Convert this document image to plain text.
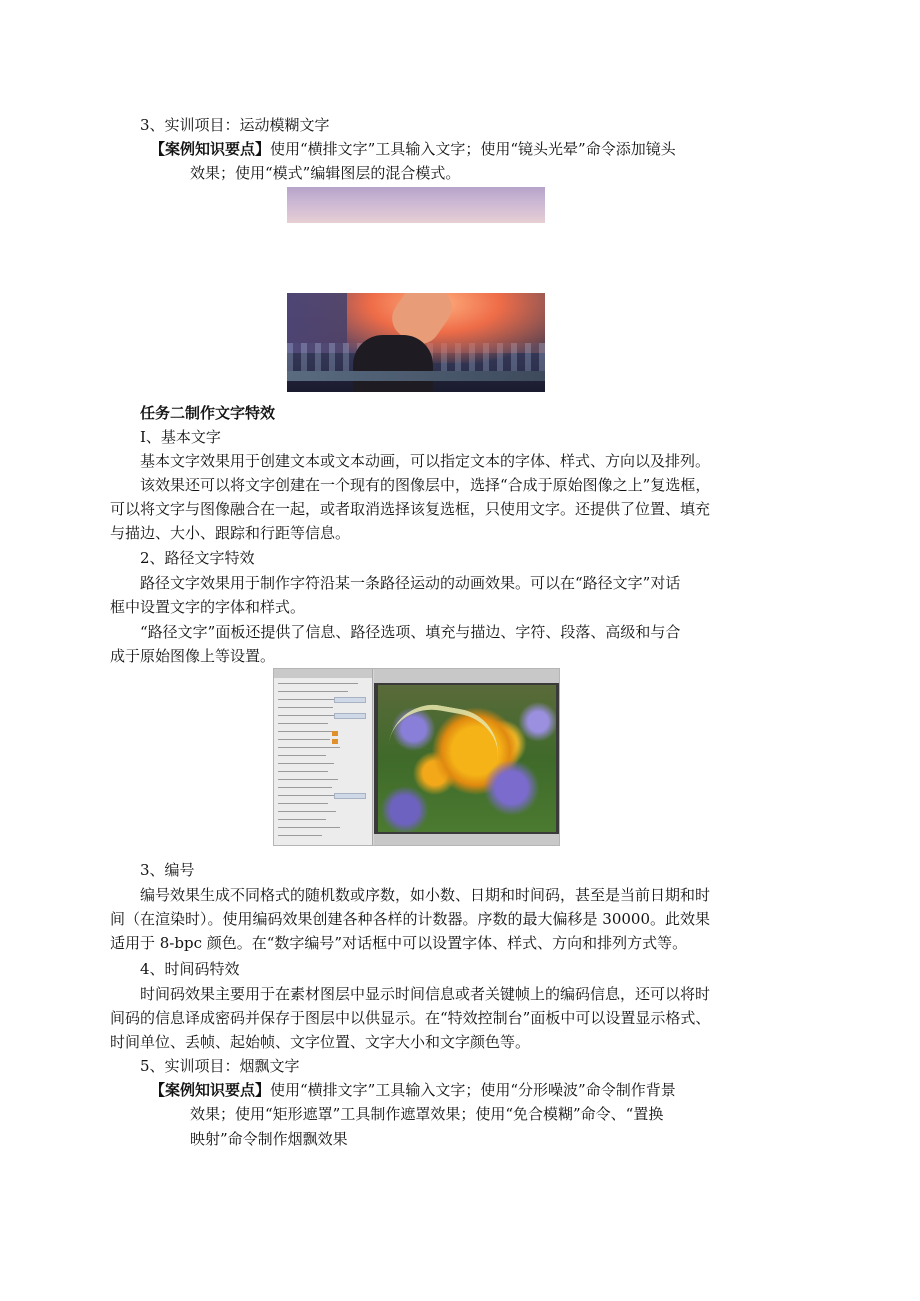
3、实训项目：运动模糊文字
【案例知识要点】使用“横排文字”工具输入文字；使用“镜头光晕”命令添加镜头
效果；使用“模式”编辑图层的混合模式。
任务二制作文字特效
I、基本文字
基本文字效果用于创建文本或文本动画，可以指定文本的字体、样式、方向以及排列。
该效果还可以将文字创建在一个现有的图像层中，选择“合成于原始图像之上”复选框，
可以将文字与图像融合在一起，或者取消选择该复选框，只使用文字。还提供了位置、填充
与描边、大小、跟踪和行距等信息。
2、路径文字特效
路径文字效果用于制作字符沿某一条路径运动的动画效果。可以在“路径文字”对话
框中设置文字的字体和样式。
“路径文字”面板还提供了信息、路径选项、填充与描边、字符、段落、高级和与合
成于原始图像上等设置。
3、编号
编号效果生成不同格式的随机数或序数，如小数、日期和时间码，甚至是当前日期和时
间（在渲染时）。使用编码效果创建各种各样的计数器。序数的最大偏移是 30000。此效果
适用于 8-bpc 颜色。在“数字编号”对话框中可以设置字体、样式、方向和排列方式等。
4、时间码特效
时间码效果主要用于在素材图层中显示时间信息或者关键帧上的编码信息，还可以将时
间码的信息译成密码并保存于图层中以供显示。在“特效控制台”面板中可以设置显示格式、
时间单位、丢帧、起始帧、文字位置、文字大小和文字颜色等。
5、实训项目：烟飘文字
【案例知识要点】使用“横排文字”工具输入文字；使用“分形噪波”命令制作背景
效果；使用“矩形遮罩”工具制作遮罩效果；使用“免合模糊”命令、“置换
映射”命令制作烟飘效果
